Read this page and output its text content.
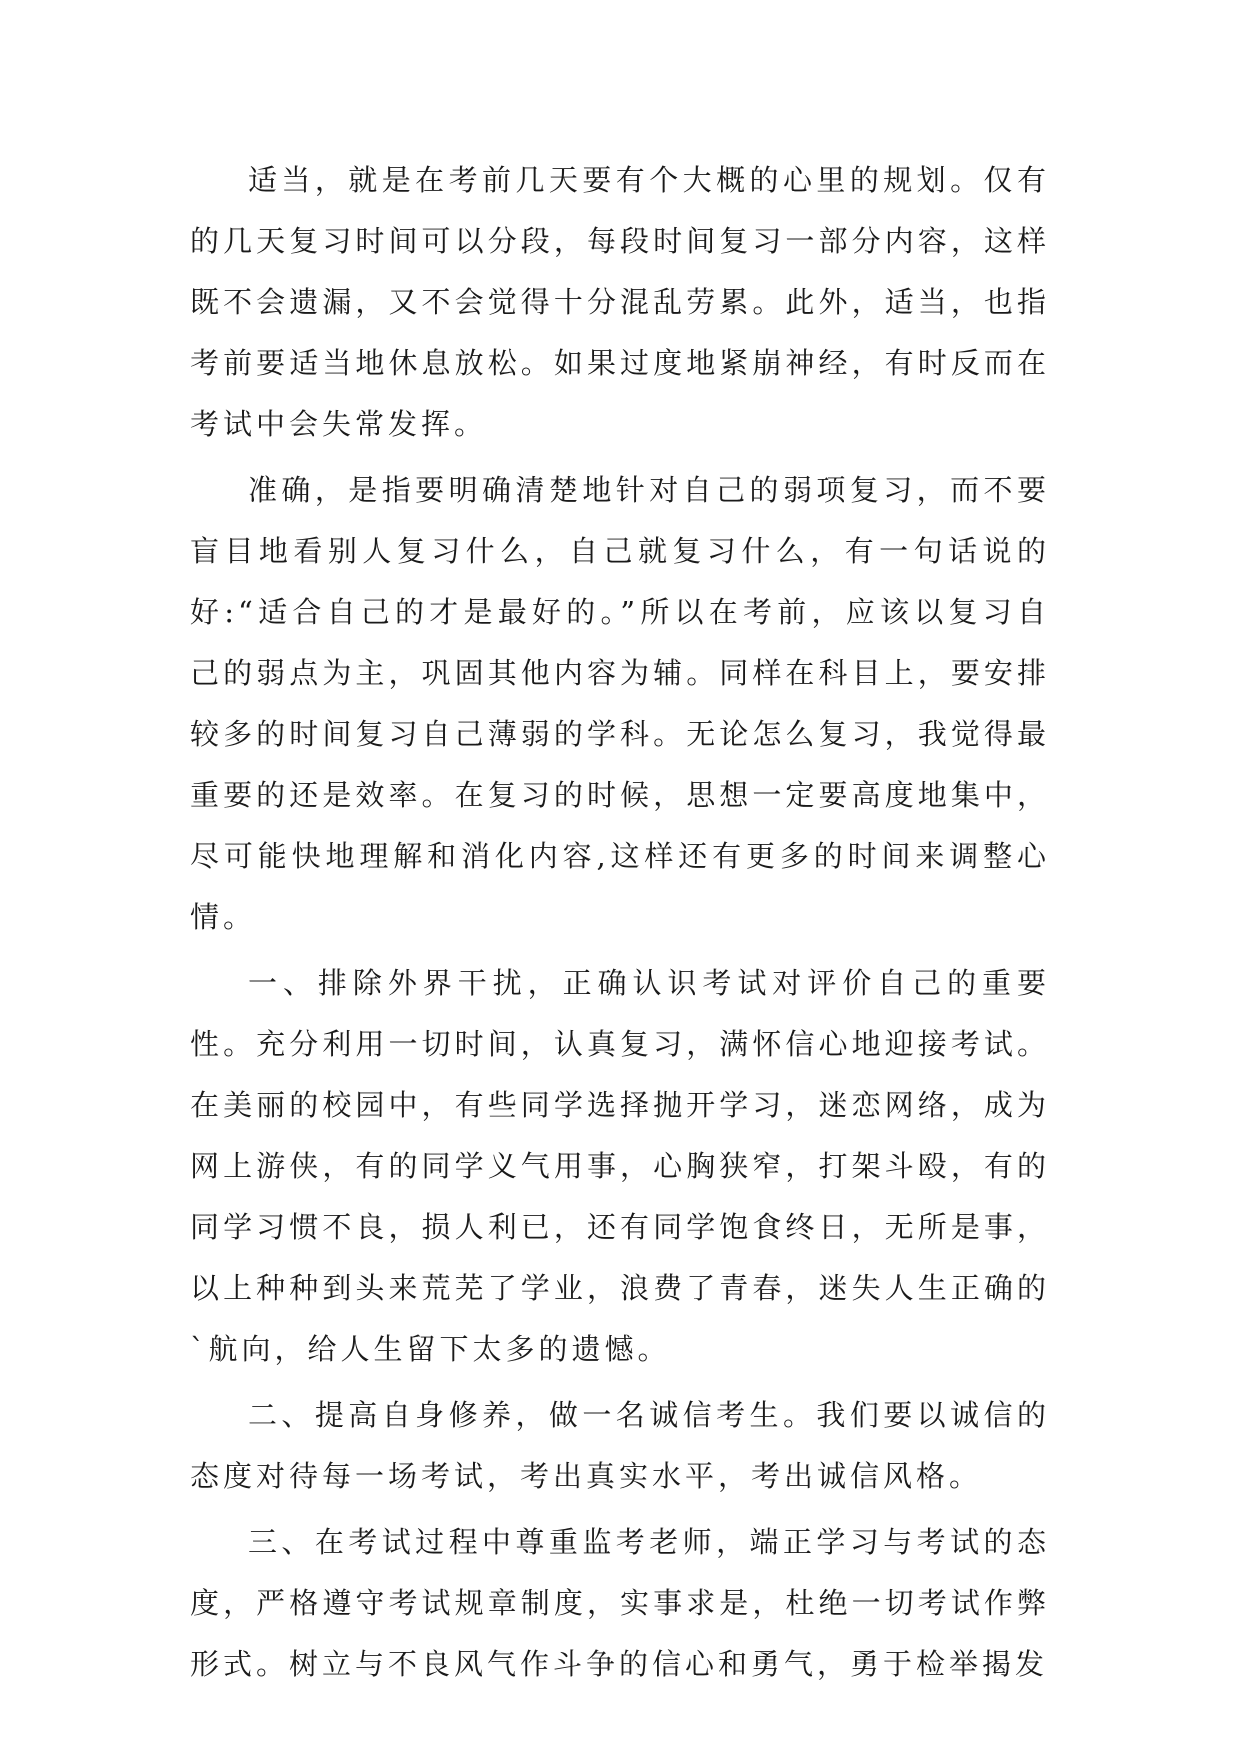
适当，就是在考前几天要有个大概的心里的规划。仅有的几天复习时间可以分段，每段时间复习一部分内容，这样既不会遗漏，又不会觉得十分混乱劳累。此外，适当，也指考前要适当地休息放松。如果过度地紧崩神经，有时反而在考试中会失常发挥。

准确，是指要明确清楚地针对自己的弱项复习，而不要盲目地看别人复习什么，自己就复习什么，有一句话说的好:“适合自己的才是最好的。”所以在考前，应该以复习自己的弱点为主，巩固其他内容为辅。同样在科目上，要安排较多的时间复习自己薄弱的学科。无论怎么复习，我觉得最重要的还是效率。在复习的时候，思想一定要高度地集中，尽可能快地理解和消化内容,这样还有更多的时间来调整心情。

一、排除外界干扰，正确认识考试对评价自己的重要性。充分利用一切时间，认真复习，满怀信心地迎接考试。在美丽的校园中，有些同学选择抛开学习，迷恋网络，成为网上游侠，有的同学义气用事，心胸狭窄，打架斗殴，有的同学习惯不良，损人利已，还有同学饱食终日，无所是事，以上种种到头来荒芜了学业，浪费了青春，迷失人生正确的`航向，给人生留下太多的遗憾。

二、提高自身修养，做一名诚信考生。我们要以诚信的态度对待每一场考试，考出真实水平，考出诚信风格。

三、在考试过程中尊重监考老师，端正学习与考试的态度，严格遵守考试规章制度，实事求是，杜绝一切考试作弊形式。树立与不良风气作斗争的信心和勇气，勇于检举揭发
